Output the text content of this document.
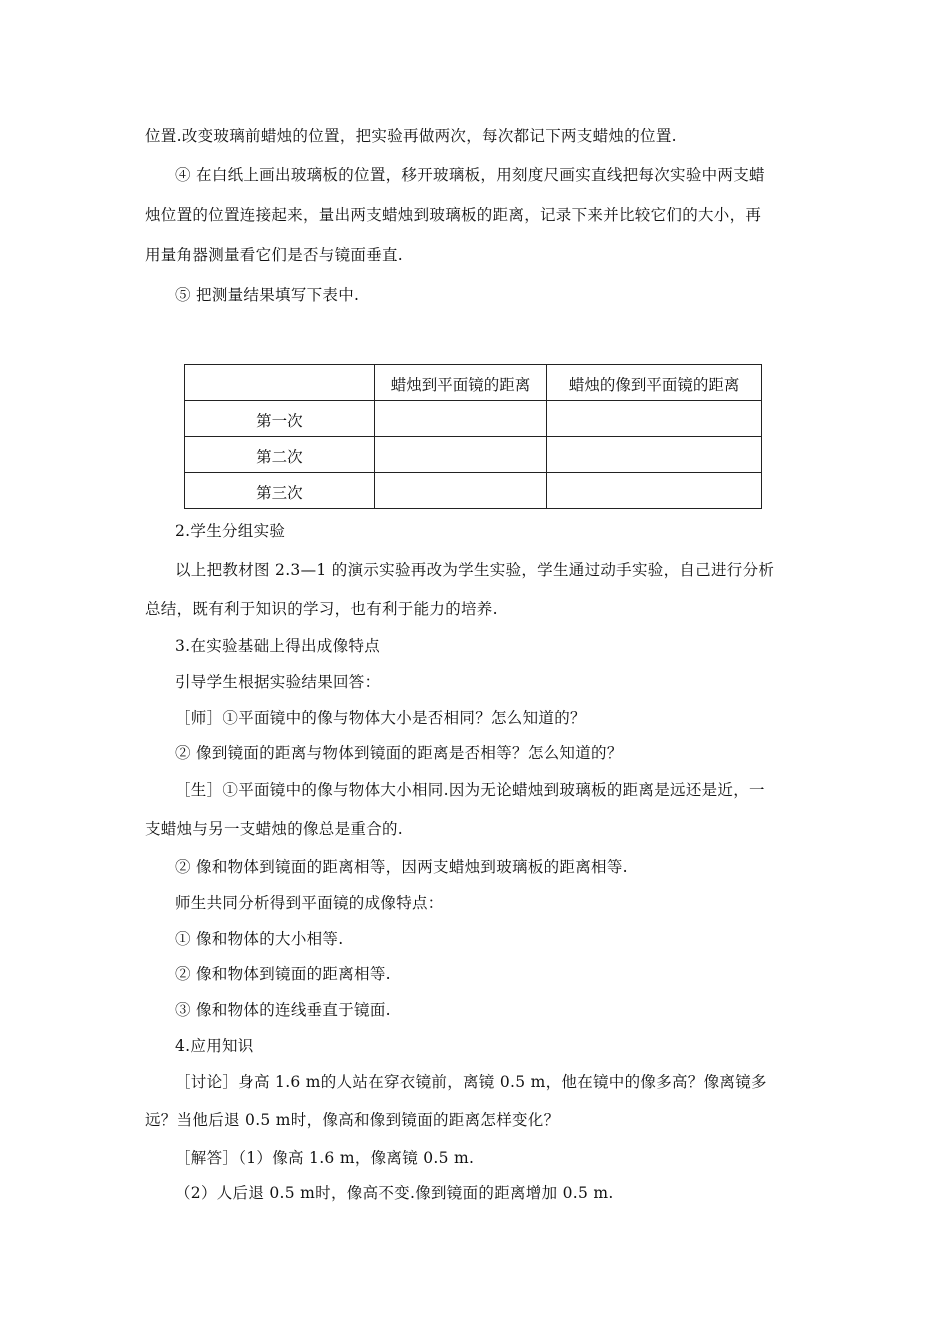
位置.改变玻璃前蜡烛的位置，把实验再做两次，每次都记下两支蜡烛的位置.
④ 在白纸上画出玻璃板的位置，移开玻璃板，用刻度尺画实直线把每次实验中两支蜡
烛位置的位置连接起来，量出两支蜡烛到玻璃板的距离，记录下来并比较它们的大小，再
用量角器测量看它们是否与镜面垂直.
⑤ 把测量结果填写下表中.
	蜡烛到平面镜的距离	蜡烛的像到平面镜的距离
第一次		
第二次		
第三次		
2.学生分组实验
以上把教材图 2.3—1 的演示实验再改为学生实验，学生通过动手实验，自己进行分析
总结，既有利于知识的学习，也有利于能力的培养.
3.在实验基础上得出成像特点
引导学生根据实验结果回答：
［师］①平面镜中的像与物体大小是否相同？怎么知道的？
② 像到镜面的距离与物体到镜面的距离是否相等？怎么知道的？
［生］①平面镜中的像与物体大小相同.因为无论蜡烛到玻璃板的距离是远还是近，一
支蜡烛与另一支蜡烛的像总是重合的.
② 像和物体到镜面的距离相等，因两支蜡烛到玻璃板的距离相等.
师生共同分析得到平面镜的成像特点：
① 像和物体的大小相等.
② 像和物体到镜面的距离相等.
③ 像和物体的连线垂直于镜面.
4.应用知识
［讨论］身高 1.6 m的人站在穿衣镜前，离镜 0.5 m，他在镜中的像多高？像离镜多
远？当他后退 0.5 m时，像高和像到镜面的距离怎样变化？
［解答］（1）像高 1.6 m，像离镜 0.5 m.
（2）人后退 0.5 m时，像高不变.像到镜面的距离增加 0.5 m.
